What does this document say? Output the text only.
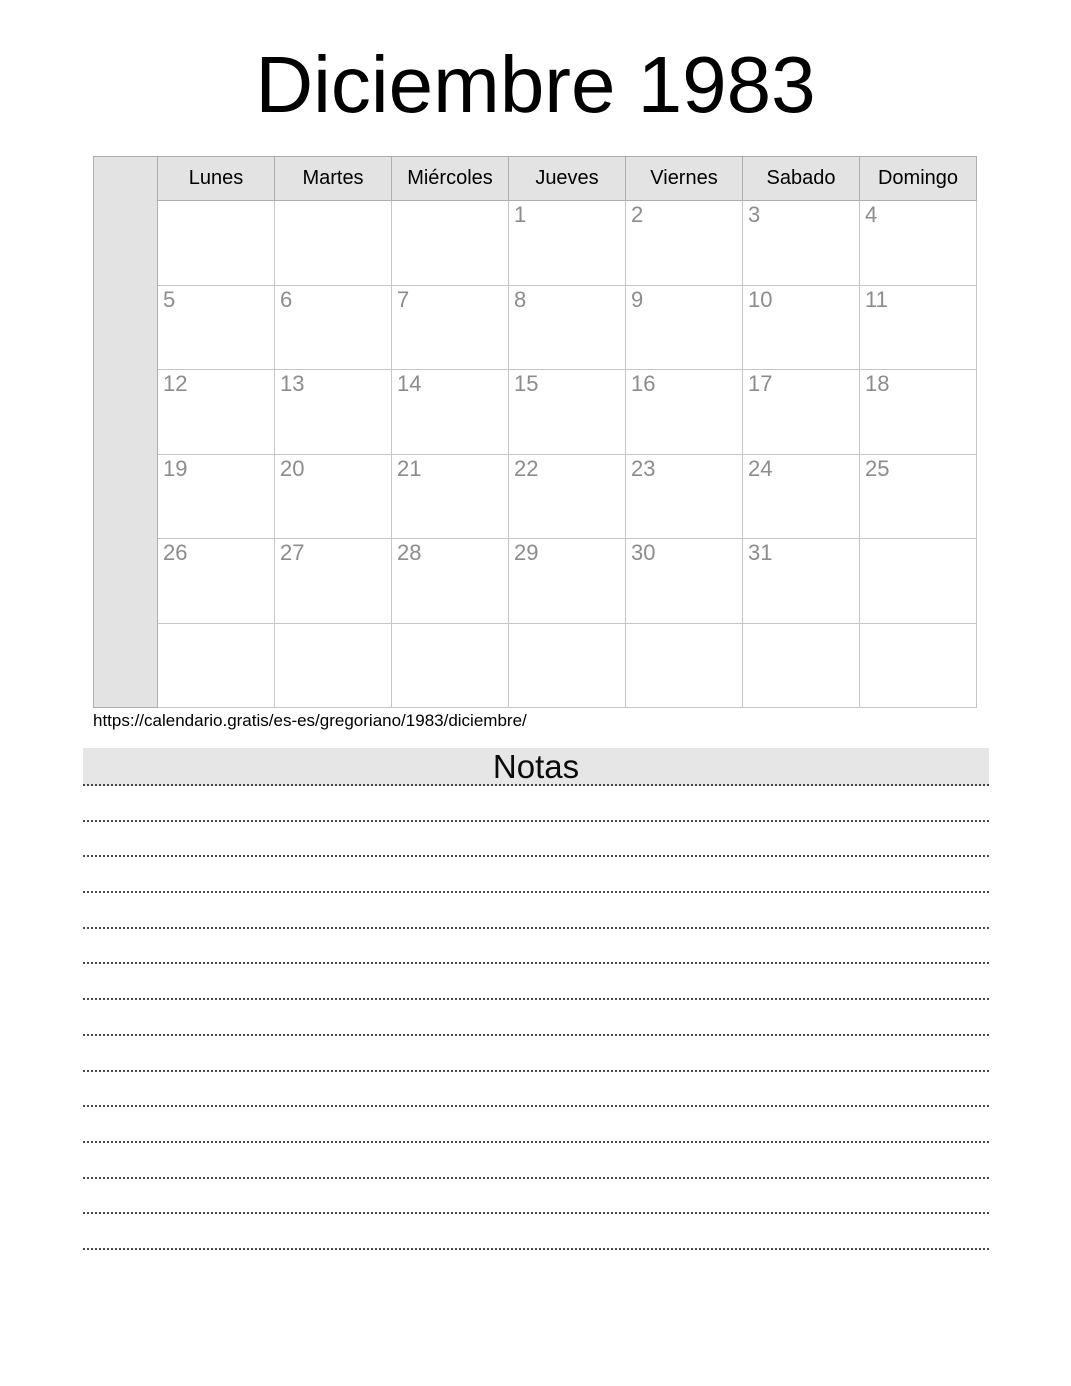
Diciembre 1983
	Lunes	Martes	Miércoles	Jueves	Viernes	Sabado	Domingo
				1	2	3	4
	5	6	7	8	9	10	11
	12	13	14	15	16	17	18
	19	20	21	22	23	24	25
	26	27	28	29	30	31	

https://calendario.gratis/es-es/gregoriano/1983/diciembre/
Notas
